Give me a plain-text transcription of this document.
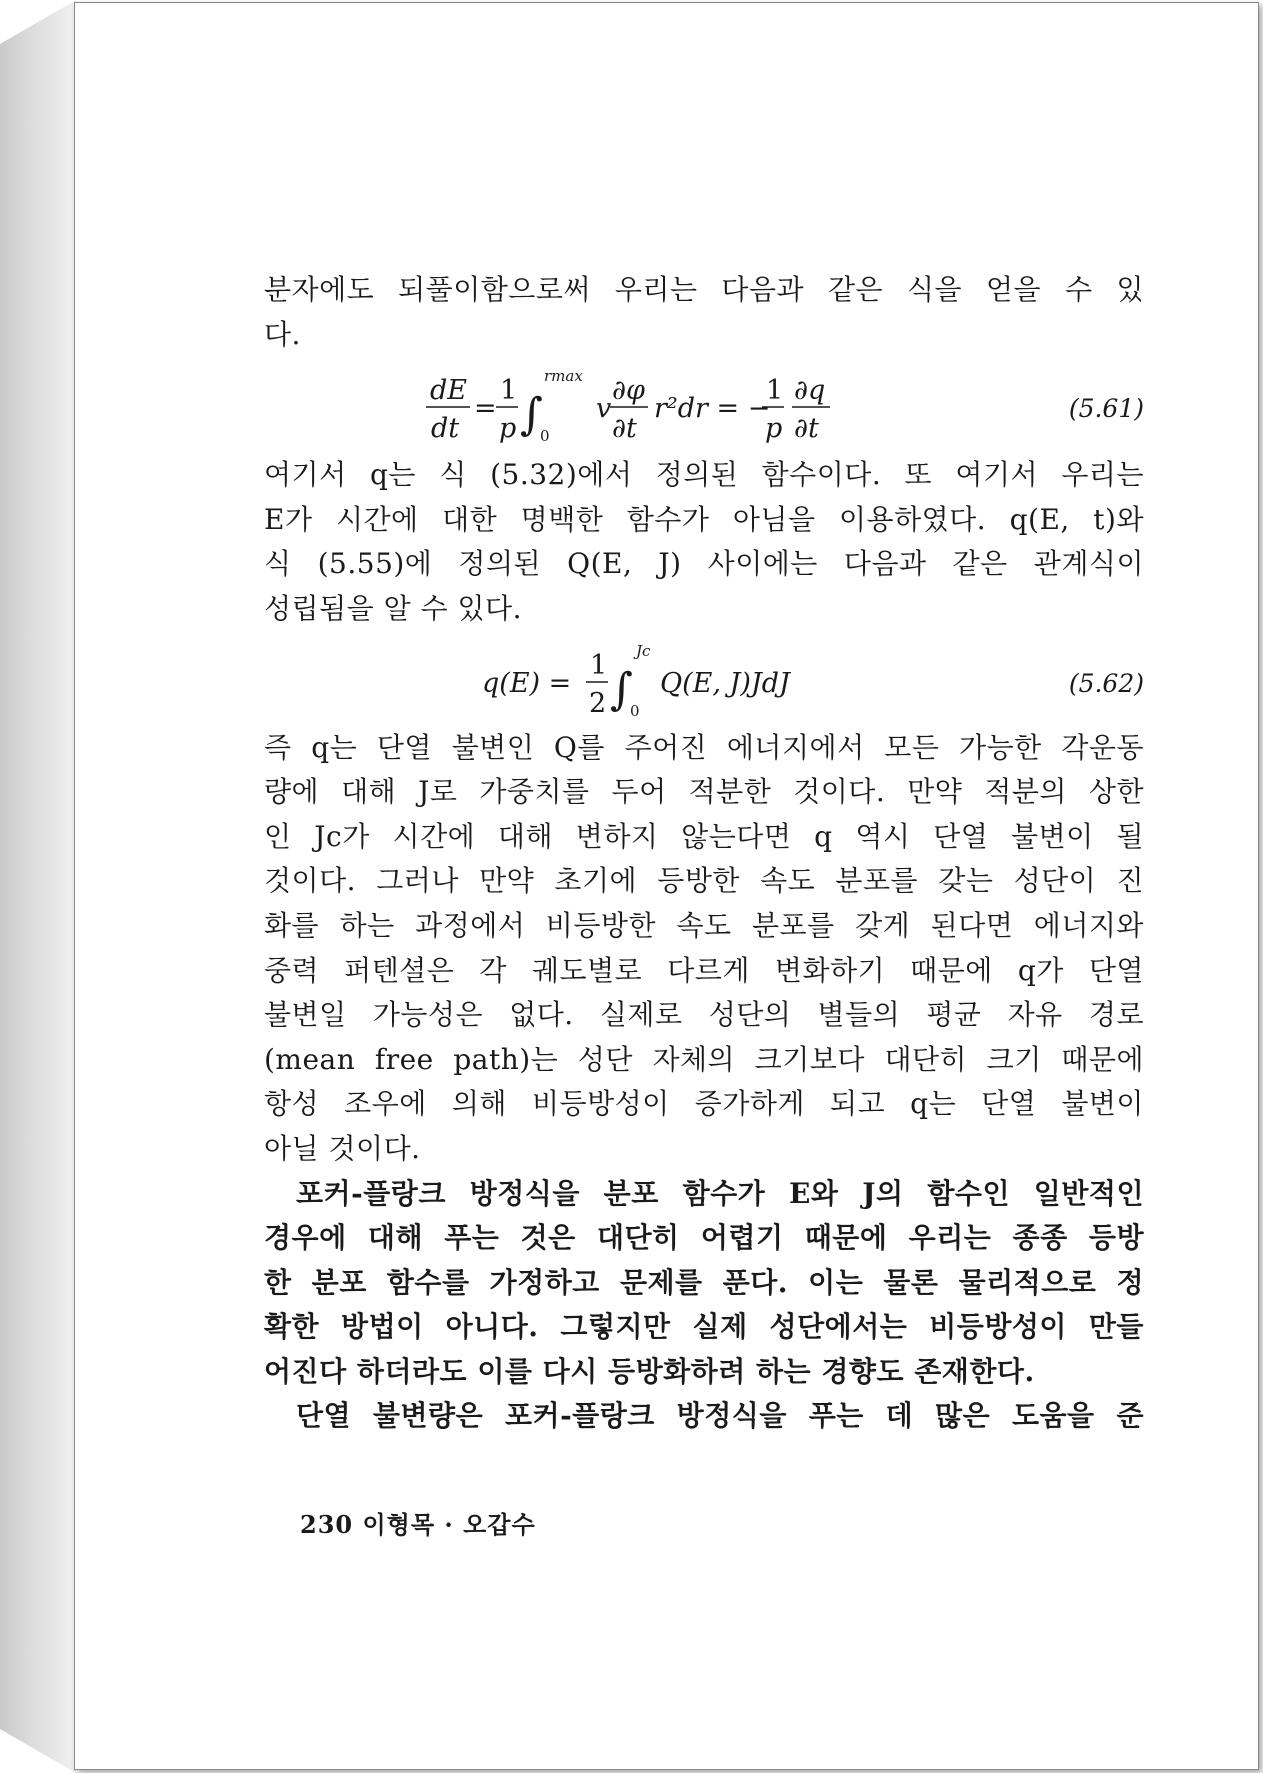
분자에도 되풀이함으로써 우리는 다음과 같은 식을 얻을 수 있
다.
dE
dt
=
1
p ∫
rmax
0
v
∂φ
∂t
r²dr = −
1
p
∂q
∂t
(5.61)
여기서 q는 식 (5.32)에서 정의된 함수이다. 또 여기서 우리는
E가 시간에 대한 명백한 함수가 아님을 이용하였다. q(E, t)와
식 (5.55)에 정의된 Q(E, J) 사이에는 다음과 같은 관계식이
성립됨을 알 수 있다.
q(E) =
1
2 ∫
Jc
0
Q(E, J)JdJ	(5.62)
즉 q는 단열 불변인 Q를 주어진 에너지에서 모든 가능한 각운동
량에 대해 J로 가중치를 두어 적분한 것이다. 만약 적분의 상한
인 Jc가 시간에 대해 변하지 않는다면 q 역시 단열 불변이 될
것이다. 그러나 만약 초기에 등방한 속도 분포를 갖는 성단이 진
화를 하는 과정에서 비등방한 속도 분포를 갖게 된다면 에너지와
중력 퍼텐셜은 각 궤도별로 다르게 변화하기 때문에 q가 단열
불변일 가능성은 없다. 실제로 성단의 별들의 평균 자유 경로
(mean free path)는 성단 자체의 크기보다 대단히 크기 때문에
항성 조우에 의해 비등방성이 증가하게 되고 q는 단열 불변이
아닐 것이다.
포커-플랑크 방정식을 분포 함수가 E와 J의 함수인 일반적인
경우에 대해 푸는 것은 대단히 어렵기 때문에 우리는 종종 등방
한 분포 함수를 가정하고 문제를 푼다. 이는 물론 물리적으로 정
확한 방법이 아니다. 그렇지만 실제 성단에서는 비등방성이 만들
어진다 하더라도 이를 다시 등방화하려 하는 경향도 존재한다.
단열 불변량은 포커-플랑크 방정식을 푸는 데 많은 도움을 준
230 이형목 · 오갑수
